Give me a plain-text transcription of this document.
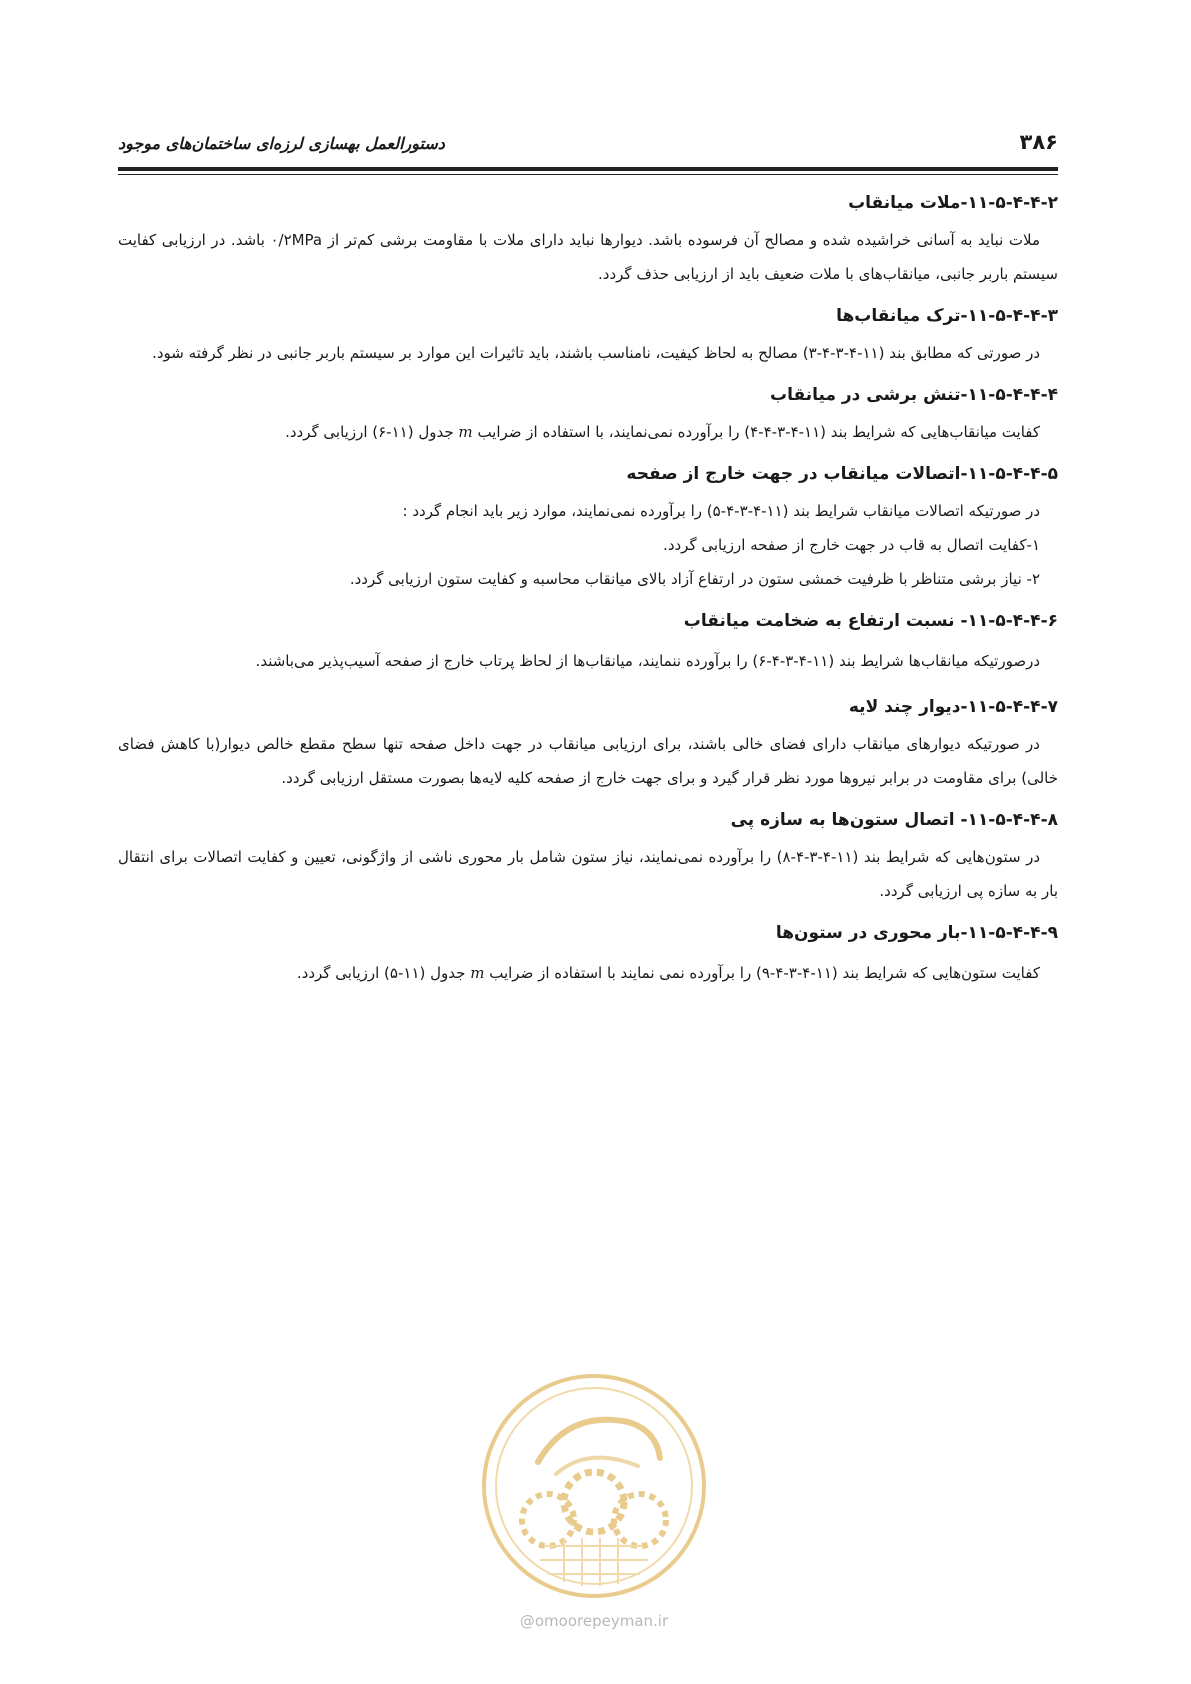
۳۸۶
دستورالعمل بهسازی لرزه‌ای ساختمان‌های موجود
۱۱-۵-۴-۴-۲-ملات میانقاب

ملات نباید به آسانی خراشیده شده و مصالح آن فرسوده باشد. دیوارها نباید دارای ملات با مقاومت برشی کم‌تر از ۰/۲MPa باشد. در ارزیابی کفایت سیستم باربر جانبی، میانقاب‌های با ملات ضعیف باید از ارزیابی حذف گردد.

۱۱-۵-۴-۴-۳-ترک میانقاب‌ها

در صورتی که مطابق بند (۱۱-۴-۳-۴-۳) مصالح به لحاظ کیفیت، نامناسب باشند، باید تاثیرات این موارد بر سیستم باربر جانبی در نظر گرفته شود.

۱۱-۵-۴-۴-۴-تنش برشی در میانقاب

کفایت میانقاب‌هایی که شرایط بند (۱۱-۴-۳-۴-۴) را برآورده نمی‌نمایند، با استفاده از ضرایب m جدول (۱۱-۶) ارزیابی گردد.

۱۱-۵-۴-۴-۵-اتصالات میانقاب در جهت خارج از صفحه

در صورتیکه اتصالات میانقاب شرایط بند (۱۱-۴-۳-۴-۵) را برآورده نمی‌نمایند، موارد زیر باید انجام گردد :

۱-کفایت اتصال به قاب در جهت خارج از صفحه ارزیابی گردد.

۲- نیاز برشی متناظر با ظرفیت خمشی ستون در ارتفاع آزاد بالای میانقاب محاسبه و کفایت ستون ارزیابی گردد.

۱۱-۵-۴-۴-۶- نسبت ارتفاع به ضخامت میانقاب

درصورتیکه میانقاب‌ها شرایط بند (۱۱-۴-۳-۴-۶) را برآورده ننمایند، میانقاب‌ها از لحاظ پرتاب خارج از صفحه آسیب‌پذیر می‌باشند.

۱۱-۵-۴-۴-۷-دیوار چند لایه

در صورتیکه دیوارهای میانقاب دارای فضای خالی باشند، برای ارزیابی میانقاب در جهت داخل صفحه تنها سطح مقطع خالص دیوار(با کاهش فضای خالی) برای مقاومت در برابر نیروها مورد نظر قرار گیرد و برای جهت خارج از صفحه کلیه لایه‌ها بصورت مستقل ارزیابی گردد.

۱۱-۵-۴-۴-۸- اتصال ستون‌ها به سازه پی

در ستون‌هایی که شرایط بند (۱۱-۴-۳-۴-۸) را برآورده نمی‌نمایند، نیاز ستون شامل بار محوری ناشی از واژگونی، تعیین و کفایت اتصالات برای انتقال بار به سازه پی ارزیابی گردد.

۱۱-۵-۴-۴-۹-بار محوری در ستون‌ها

کفایت ستون‌هایی که شرایط بند (۱۱-۴-۳-۴-۹) را برآورده نمی نمایند با استفاده از ضرایب m جدول (۱۱-۵) ارزیابی گردد.

@omoorepeyman.ir
